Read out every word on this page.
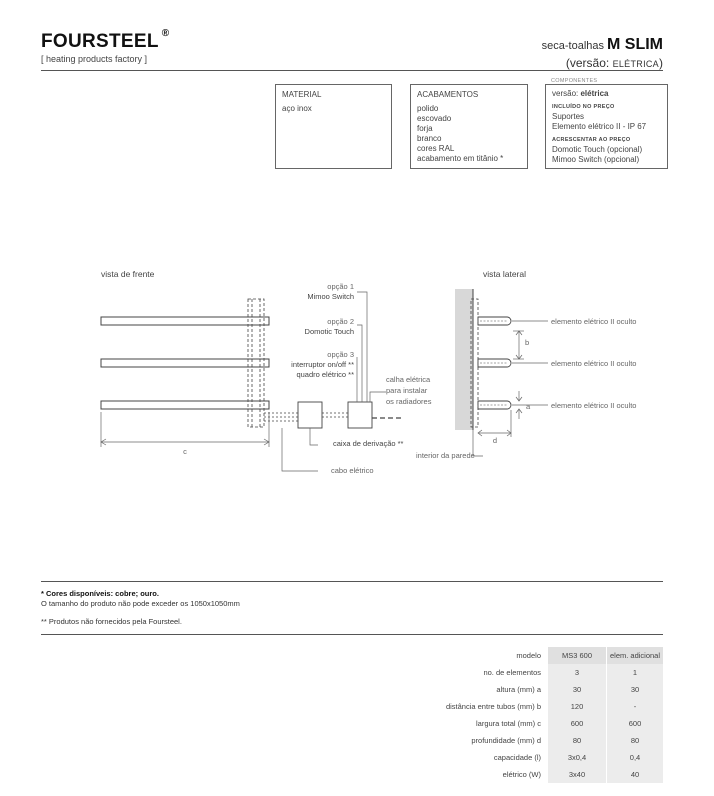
FOURSTEEL ®
[ heating products factory ]
seca-toalhas M SLIM
(versão: ELÉTRICA)
MATERIAL
aço inox
ACABAMENTOS
polido
escovado
forja
branco
cores RAL
acabamento em titânio *
COMPONENTES
versão: elétrica
INCLUÍDO NO PREÇO
Suportes
Elemento elétrico II - IP 67
ACRESCENTAR AO PREÇO
Domotic Touch (opcional)
Mimoo Switch (opcional)
vista de frente	vista lateral
opção 1
Mimoo Switch
opção 2
Domotic Touch
opção 3
interruptor on/off **
quadro elétrico **
calha elétrica
para instalar
os radiadores
caixa de derivação **
cabo elétrico
c
elemento elétrico II oculto
elemento elétrico II oculto
elemento elétrico II oculto
b
a
d
interior da parede
* Cores disponíveis: cobre; ouro.
O tamanho do produto não pode exceder os 1050x1050mm
** Produtos não fornecidos pela Foursteel.
modelo	MS3 600	elem. adicional
no. de elementos	3	1
altura (mm) a	30	30
distância entre tubos (mm) b	120	-
largura total (mm) c	600	600
profundidade (mm) d	80	80
capacidade (l)	3x0,4	0,4
elétrico (W)	3x40	40
